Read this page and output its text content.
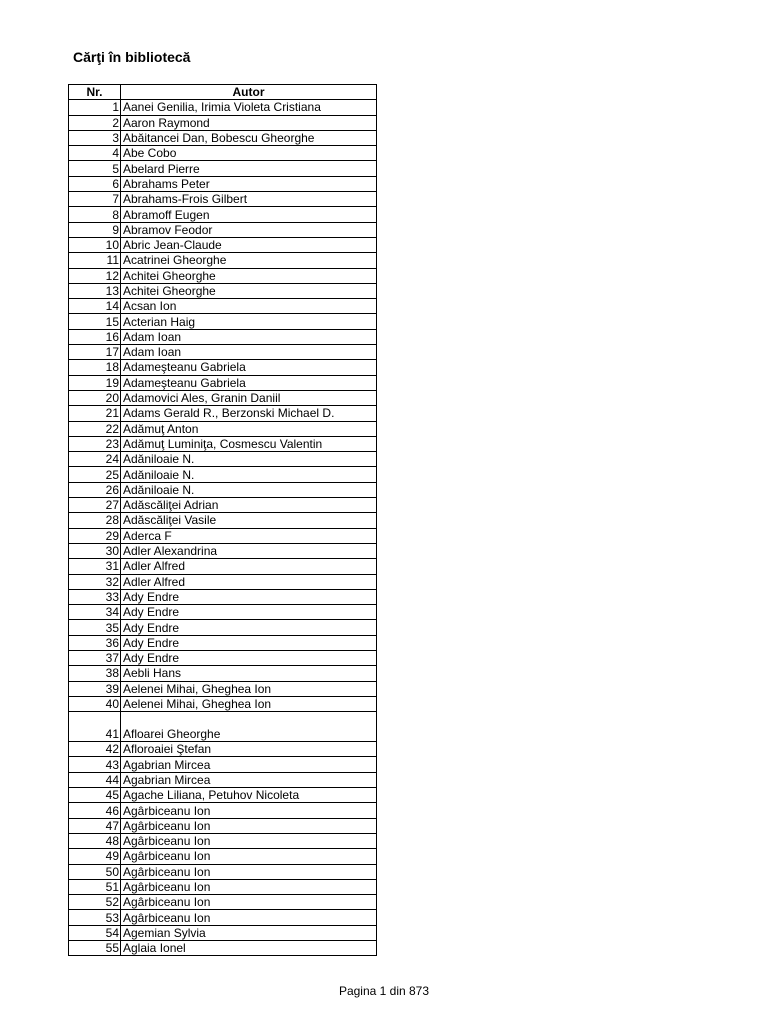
Cărţi în bibliotecă
Nr.	Autor
1	Aanei Genilia, Irimia Violeta Cristiana
2	Aaron Raymond
3	Abăitancei Dan, Bobescu Gheorghe
4	Abe Cobo
5	Abelard Pierre
6	Abrahams Peter
7	Abrahams-Frois Gilbert
8	Abramoff Eugen
9	Abramov Feodor
10	Abric Jean-Claude
11	Acatrinei Gheorghe
12	Achitei Gheorghe
13	Achitei Gheorghe
14	Acsan Ion
15	Acterian Haig
16	Adam Ioan
17	Adam Ioan
18	Adameşteanu Gabriela
19	Adameşteanu Gabriela
20	Adamovici Ales, Granin Daniil
21	Adams Gerald R., Berzonski Michael D.
22	Adămuţ Anton
23	Adămuţ Luminiţa, Cosmescu Valentin
24	Adăniloaie N.
25	Adăniloaie N.
26	Adăniloaie N.
27	Adăscăliţei Adrian
28	Adăscăliţei Vasile
29	Aderca F
30	Adler Alexandrina
31	Adler Alfred
32	Adler Alfred
33	Ady Endre
34	Ady Endre
35	Ady Endre
36	Ady Endre
37	Ady Endre
38	Aebli Hans
39	Aelenei Mihai, Gheghea Ion
40	Aelenei Mihai, Gheghea Ion
41	Afloarei Gheorghe
42	Afloroaiei Ştefan
43	Agabrian Mircea
44	Agabrian Mircea
45	Agache Liliana, Petuhov Nicoleta
46	Agârbiceanu Ion
47	Agârbiceanu Ion
48	Agârbiceanu Ion
49	Agârbiceanu Ion
50	Agârbiceanu Ion
51	Agârbiceanu Ion
52	Agârbiceanu Ion
53	Agârbiceanu Ion
54	Agemian Sylvia
55	Aglaia Ionel
Pagina 1 din 873
